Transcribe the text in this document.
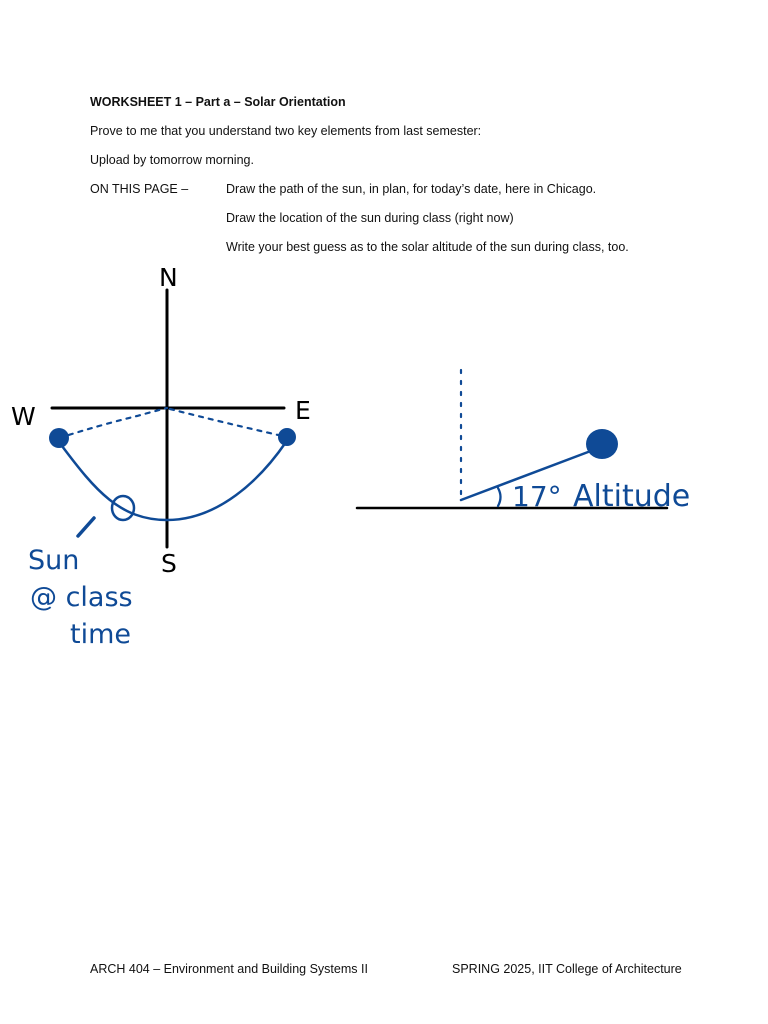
WORKSHEET 1 – Part a – Solar Orientation
Prove to me that you understand two key elements from last semester:
Upload by tomorrow morning.
ON THIS PAGE –	Draw the path of the sun, in plan, for today’s date, here in Chicago.
Draw the location of the sun during class (right now)
Write your best guess as to the solar altitude of the sun during class, too.
N
S
E
W
Sun
@ class
time
17° Altitude
ARCH 404 – Environment and Building Systems II	SPRING 2025, IIT College of Architecture
